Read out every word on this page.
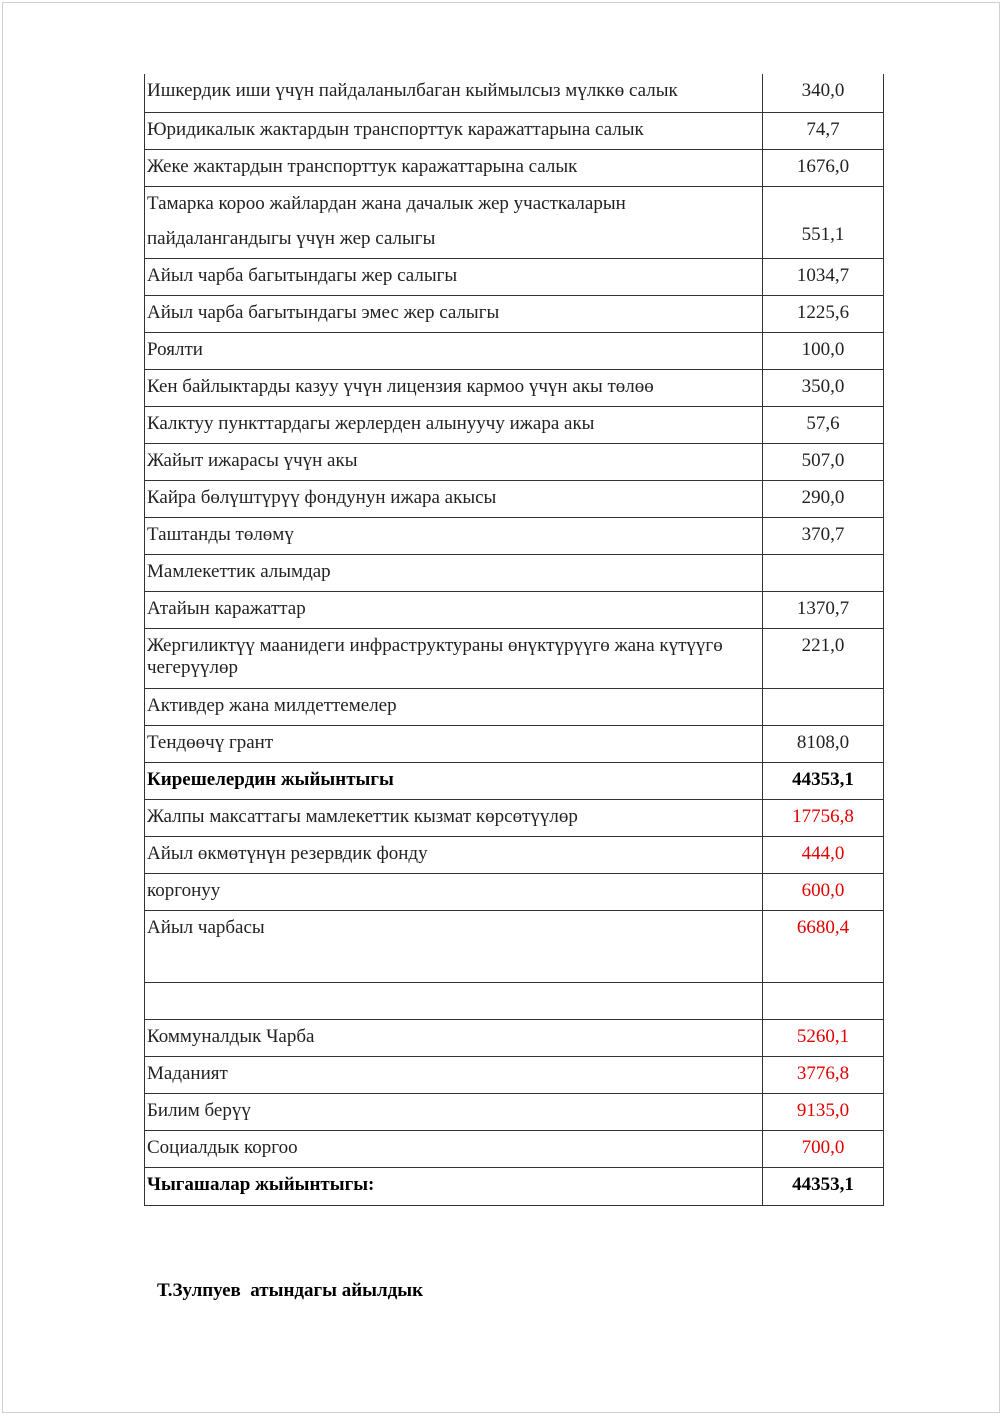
Ишкердик иши үчүн пайдаланылбаган кыймылсыз мүлккө салык	340,0
Юридикалык жактардын транспорттук каражаттарына салык	74,7
Жеке жактардын транспорттук каражаттарына салык	1676,0

Тамарка короо жайлардан жана дачалык жер участкаларын
пайдалангандыгы үчүн жер салыгы	551,1
Айыл чарба багытындагы жер салыгы	1034,7
Айыл чарба багытындагы эмес жер салыгы	1225,6
Роялти	100,0
Кен байлыктарды казуу үчүн лицензия кармоо үчүн акы төлөө	350,0
Калктуу пункттардагы жерлерден алынуучу ижара акы	57,6
Жайыт ижарасы үчүн акы	507,0
Кайра бөлүштүрүү фондунун ижара акысы	290,0
Таштанды төлөмү	370,7
Мамлекеттик алымдар	
Атайын каражаттар	1370,7
Жергиликтүү маанидеги инфраструктураны өнүктүрүүгө жана күтүүгө чегерүүлөр	221,0
Активдер жана милдеттемелер	
Тендөөчү грант	8108,0
Кирешелердин жыйынтыгы	44353,1
Жалпы максаттагы мамлекеттик кызмат көрсөтүүлөр	17756,8
Айыл өкмөтүнүн резервдик фонду	444,0
коргонуу	600,0
Айыл чарбасы	6680,4

Коммуналдык Чарба	5260,1
Маданият	3776,8
Билим берүү	9135,0
Социалдык коргоо	700,0
Чыгашалар жыйынтыгы:	44353,1
Т.Зулпуев  атындагы айылдык
